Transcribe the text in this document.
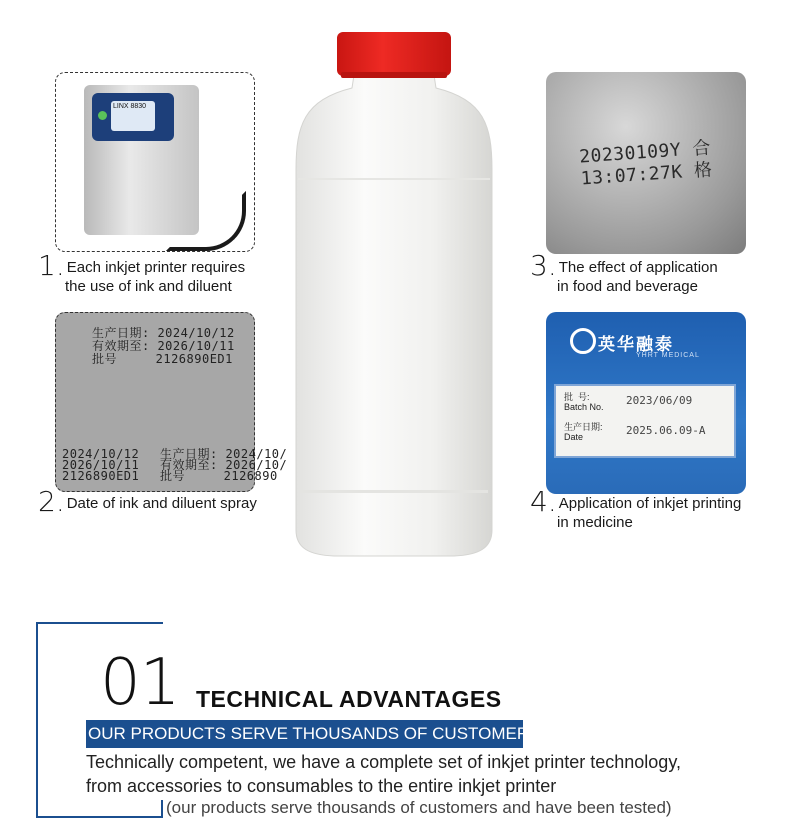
LINX 8830
1. Each inkjet printer requires
the use of ink and diluent
生产日期: 2024/10/12
有效期至: 2026/10/11
批号     2126890ED1
2024/10/12
2026/10/11
2126890ED1
生产日期: 2024/10/
有效期至: 2026/10/
批号     2126890
2. Date of ink and diluent spray
20230109Y 合
13:07:27K 格
3. The effect of application
in food and beverage
英华融泰
YHRT MEDICAL
批  号:
Batch No. 2023/06/09
生产日期:
Date	2025.06.09-A
4. Application of inkjet printing
in medicine
01 TECHNICAL ADVANTAGES
OUR PRODUCTS SERVE THOUSANDS OF CUSTOMERS
Technically competent, we have a complete set of inkjet printer technology,
from accessories to consumables to the entire inkjet printer
(our products serve thousands of customers and have been tested)
